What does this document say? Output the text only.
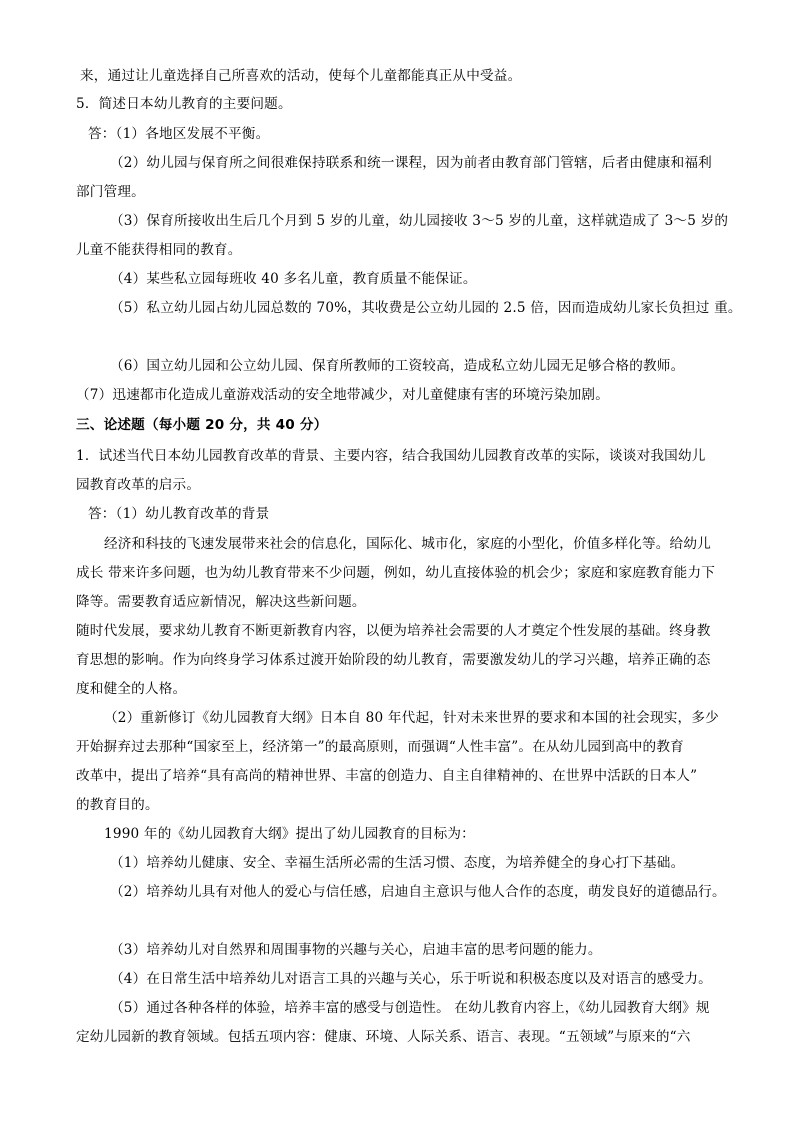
来，通过让儿童选择自己所喜欢的活动，使每个儿童都能真正从中受益。
5．简述日本幼儿教育的主要问题。
答：（1）各地区发展不平衡。
（2）幼儿园与保育所之间很难保持联系和统一课程，因为前者由教育部门管辖，后者由健康和福利
部门管理。
（3）保育所接收出生后几个月到 5 岁的儿童，幼儿园接收 3～5 岁的儿童，这样就造成了 3～5 岁的
儿童不能获得相同的教育。
（4）某些私立园每班收 40 多名儿童，教育质量不能保证。
（5）私立幼儿园占幼儿园总数的 70%，其收费是公立幼儿园的 2.5 倍，因而造成幼儿家长负担过 重。
（6）国立幼儿园和公立幼儿园、保育所教师的工资较高，造成私立幼儿园无足够合格的教师。
（7）迅速都市化造成儿童游戏活动的安全地带减少，对儿童健康有害的环境污染加剧。
三、论述题（每小题 20 分，共 40 分）
1．试述当代日本幼儿园教育改革的背景、主要内容，结合我国幼儿园教育改革的实际，谈谈对我国幼儿
园教育改革的启示。
答：（1）幼儿教育改革的背景
经济和科技的飞速发展带来社会的信息化，国际化、城市化，家庭的小型化，价值多样化等。给幼儿
成长 带来许多问题，也为幼儿教育带来不少问题，例如，幼儿直接体验的机会少；家庭和家庭教育能力下
降等。需要教育适应新情况，解决这些新问题。
随时代发展，要求幼儿教育不断更新教育内容，以便为培养社会需要的人才奠定个性发展的基础。终身教
育思想的影响。作为向终身学习体系过渡开始阶段的幼儿教育，需要激发幼儿的学习兴趣，培养正确的态
度和健全的人格。
（2）重新修订《幼儿园教育大纲》日本自 80 年代起，针对未来世界的要求和本国的社会现实，多少
开始摒弃过去那种“国家至上，经济第一”的最高原则，而强调“人性丰富”。在从幼儿园到高中的教育
改革中，提出了培养“具有高尚的精神世界、丰富的创造力、自主自律精神的、在世界中活跃的日本人”
的教育目的。
1990 年的《幼儿园教育大纲》提出了幼儿园教育的目标为：
（1）培养幼儿健康、安全、幸福生活所必需的生活习惯、态度，为培养健全的身心打下基础。
（2）培养幼儿具有对他人的爱心与信任感，启迪自主意识与他人合作的态度，萌发良好的道德品行。
（3）培养幼儿对自然界和周围事物的兴趣与关心，启迪丰富的思考问题的能力。
（4）在日常生活中培养幼儿对语言工具的兴趣与关心，乐于听说和积极态度以及对语言的感受力。
（5）通过各种各样的体验，培养丰富的感受与创造性。 在幼儿教育内容上，《幼儿园教育大纲》规
定幼儿园新的教育领域。包括五项内容：健康、环境、人际关系、语言、表现。“五领域”与原来的“六
